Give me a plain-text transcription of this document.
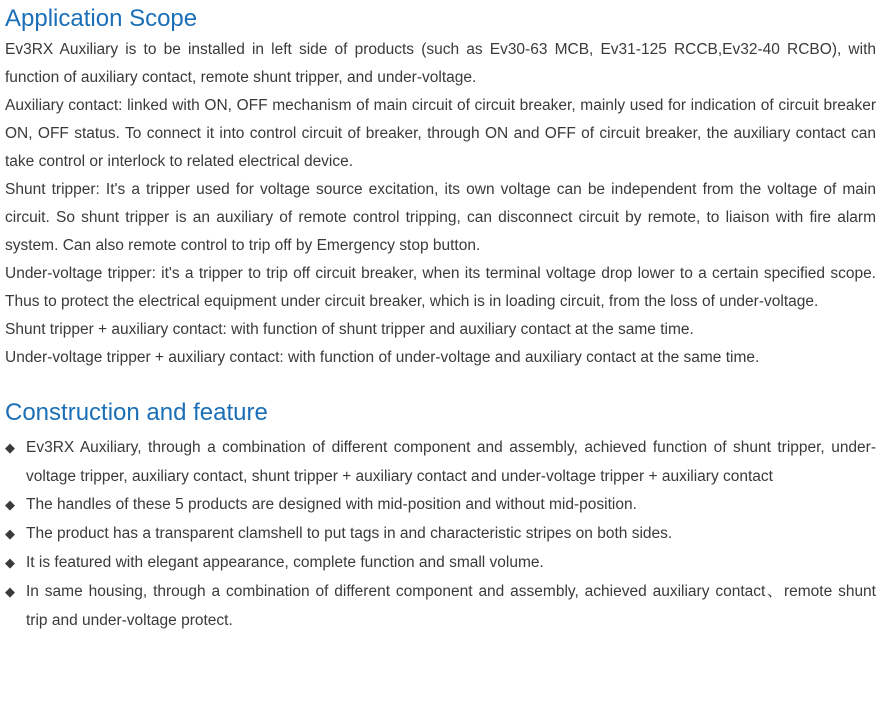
Application Scope

Ev3RX Auxiliary is to be installed in left side of products (such as Ev30-63 MCB, Ev31-125 RCCB,Ev32-40 RCBO), with function of auxiliary contact, remote shunt tripper, and under-voltage.

Auxiliary contact: linked with ON, OFF mechanism of main circuit of circuit breaker, mainly used for indication of circuit breaker ON, OFF status. To connect it into control circuit of breaker, through ON and OFF of circuit breaker, the auxiliary contact can take control or interlock to related electrical device.

Shunt tripper: It's a tripper used for voltage source excitation, its own voltage can be independent from the voltage of main circuit. So shunt tripper is an auxiliary of remote control tripping, can disconnect circuit by remote, to liaison with fire alarm system. Can also remote control to trip off by Emergency stop button.

Under-voltage tripper: it's a tripper to trip off circuit breaker, when its terminal voltage drop lower to a certain specified scope. Thus to protect the electrical equipment under circuit breaker, which is in loading circuit, from the loss of under-voltage.

Shunt tripper + auxiliary contact: with function of shunt tripper and auxiliary contact at the same time.

Under-voltage tripper + auxiliary contact: with function of under-voltage and auxiliary contact at the same time.

Construction and feature
◆ Ev3RX Auxiliary, through a combination of different component and assembly, achieved function of shunt tripper, under-voltage tripper, auxiliary contact, shunt tripper + auxiliary contact and under-voltage tripper + auxiliary contact
◆ The handles of these 5 products are designed with mid-position and without mid-position.
◆ The product has a transparent clamshell to put tags in and characteristic stripes on both sides.
◆ It is featured with elegant appearance, complete function and small volume.
◆ In same housing, through a combination of different component and assembly, achieved auxiliary contact、remote shunt trip and under-voltage protect.
